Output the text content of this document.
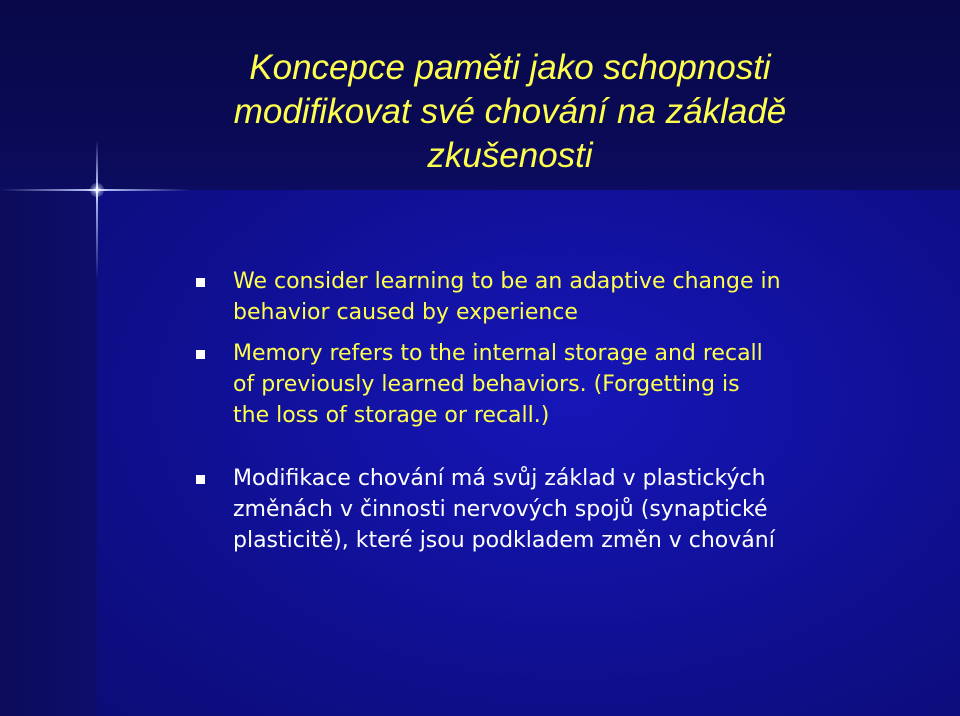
Koncepce paměti jako schopnosti
modifikovat své chování na základě
zkušenosti
We consider learning to be an adaptive change in
behavior caused by experience
Memory refers to the internal storage and recall
of previously learned behaviors. (Forgetting is
the loss of storage or recall.)
Modifikace chování má svůj základ v plastických
změnách v činnosti nervových spojů (synaptické
plasticitě), které jsou podkladem změn v chování
